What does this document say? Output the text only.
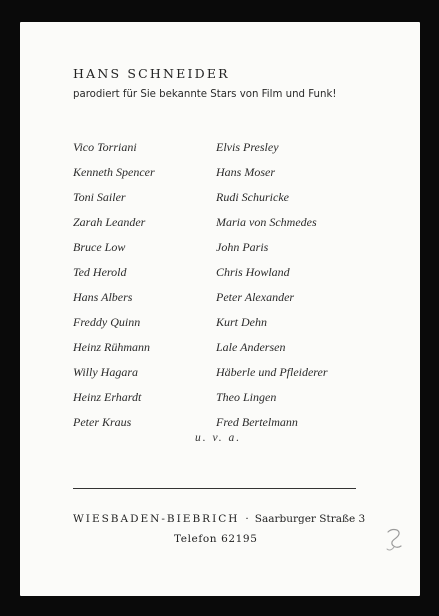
HANS SCHNEIDER
parodiert für Sie bekannte Stars von Film und Funk!
Vico Torriani
Kenneth Spencer
Toni Sailer
Zarah Leander
Bruce Low
Ted Herold
Hans Albers
Freddy Quinn
Heinz Rühmann
Willy Hagara
Heinz Erhardt
Peter Kraus
Elvis Presley
Hans Moser
Rudi Schuricke
Maria von Schmedes
John Paris
Chris Howland
Peter Alexander
Kurt Dehn
Lale Andersen
Häberle und Pfleiderer
Theo Lingen
Fred Bertelmann
u. v. a.
WIESBADEN-BIEBRICH · Saarburger Straße 3
Telefon 62195
